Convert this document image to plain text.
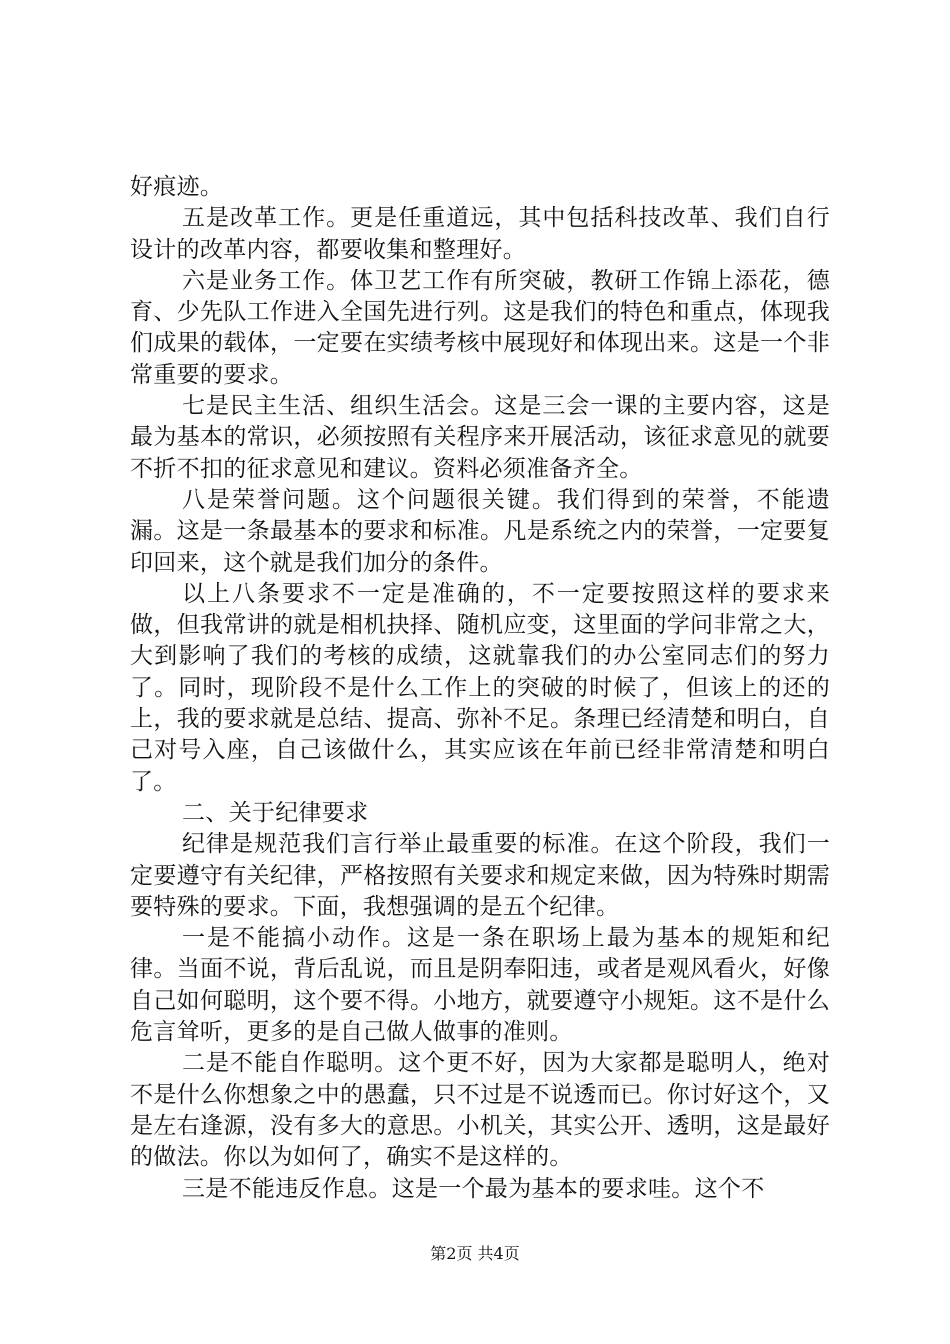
好痕迹。

五是改革工作。更是任重道远，其中包括科技改革、我们自行设计的改革内容，都要收集和整理好。

六是业务工作。体卫艺工作有所突破，教研工作锦上添花，德育、少先队工作进入全国先进行列。这是我们的特色和重点，体现我们成果的载体，一定要在实绩考核中展现好和体现出来。这是一个非常重要的要求。

七是民主生活、组织生活会。这是三会一课的主要内容，这是最为基本的常识，必须按照有关程序来开展活动，该征求意见的就要不折不扣的征求意见和建议。资料必须准备齐全。

八是荣誉问题。这个问题很关键。我们得到的荣誉，不能遗漏。这是一条最基本的要求和标准。凡是系统之内的荣誉，一定要复印回来，这个就是我们加分的条件。

以上八条要求不一定是准确的，不一定要按照这样的要求来做，但我常讲的就是相机抉择、随机应变，这里面的学问非常之大，大到影响了我们的考核的成绩，这就靠我们的办公室同志们的努力了。同时，现阶段不是什么工作上的突破的时候了，但该上的还的上，我的要求就是总结、提高、弥补不足。条理已经清楚和明白，自己对号入座，自己该做什么，其实应该在年前已经非常清楚和明白了。

二、关于纪律要求

纪律是规范我们言行举止最重要的标准。在这个阶段，我们一定要遵守有关纪律，严格按照有关要求和规定来做，因为特殊时期需要特殊的要求。下面，我想强调的是五个纪律。

一是不能搞小动作。这是一条在职场上最为基本的规矩和纪律。当面不说，背后乱说，而且是阴奉阳违，或者是观风看火，好像自己如何聪明，这个要不得。小地方，就要遵守小规矩。这不是什么危言耸听，更多的是自己做人做事的准则。

二是不能自作聪明。这个更不好，因为大家都是聪明人，绝对不是什么你想象之中的愚蠢，只不过是不说透而已。你讨好这个，又是左右逢源，没有多大的意思。小机关，其实公开、透明，这是最好的做法。你以为如何了，确实不是这样的。

三是不能违反作息。这是一个最为基本的要求哇。这个不

第2页 共4页
